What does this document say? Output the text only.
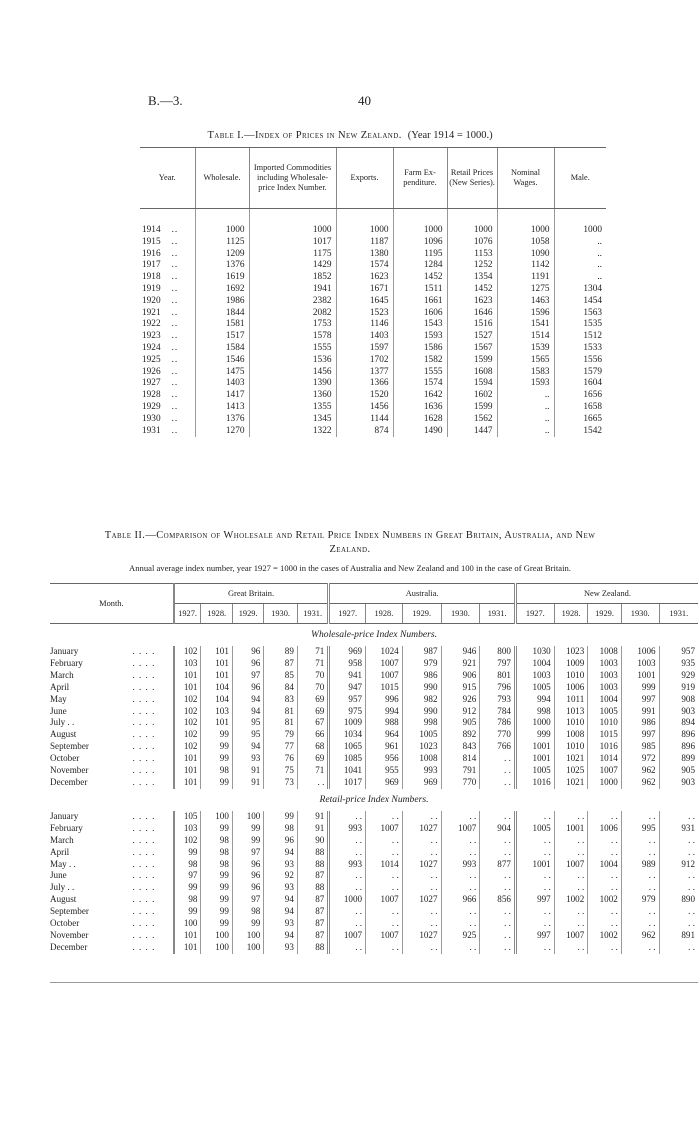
B.—3.	40
Table I.—Index of Prices in New Zealand. (Year 1914 = 1000.)
Year.	Wholesale.	Imported Commodities including Wholesale-price Index Number.	Exports.	Farm Ex- penditure.	Retail Prices (New Series).	Nominal Wages.	Male.
1914 ..	1000	1000	1000	1000	1000	1000	1000
1915 ..	1125	1017	1187	1096	1076	1058	..
1916 ..	1209	1175	1380	1195	1153	1090	..
1917 ..	1376	1429	1574	1284	1252	1142	..
1918 ..	1619	1852	1623	1452	1354	1191	..
1919 ..	1692	1941	1671	1511	1452	1275	1304
1920 ..	1986	2382	1645	1661	1623	1463	1454
1921 ..	1844	2082	1523	1606	1646	1596	1563
1922 ..	1581	1753	1146	1543	1516	1541	1535
1923 ..	1517	1578	1403	1593	1527	1514	1512
1924 ..	1584	1555	1597	1586	1567	1539	1533
1925 ..	1546	1536	1702	1582	1599	1565	1556
1926 ..	1475	1456	1377	1555	1608	1583	1579
1927 ..	1403	1390	1366	1574	1594	1593	1604
1928 ..	1417	1360	1520	1642	1602	..	1656
1929 ..	1413	1355	1456	1636	1599	..	1658
1930 ..	1376	1345	1144	1628	1562	..	1665
1931 ..	1270	1322	874	1490	1447	..	1542
Table II.—Comparison of Wholesale and Retail Price Index Numbers in Great Britain, Australia, and New
Zealand.
Annual average index number, year 1927 = 1000 in the cases of Australia and New Zealand and 100 in the case of Great Britain.
Month.		Great Britain.					Australia.					New Zealand.				
		1927.	1928.	1929.	1930.	1931.	1927.	1928.	1929.	1930.	1931.	1927.	1928.	1929.	1930.	1931.
Wholesale-price Index Numbers.																
January	. . . .	102	101	96	89	71	969	1024	987	946	800	1030	1023	1008	1006	957
February	. . . .	103	101	96	87	71	958	1007	979	921	797	1004	1009	1003	1003	935
March	. . . .	101	101	97	85	70	941	1007	986	906	801	1003	1010	1003	1001	929
April	. . . .	101	104	96	84	70	947	1015	990	915	796	1005	1006	1003	999	919
May	. . . .	102	104	94	83	69	957	996	982	926	793	994	1011	1004	997	908
June	. . . .	102	103	94	81	69	975	994	990	912	784	998	1013	1005	991	903
July . .	. . . .	102	101	95	81	67	1009	988	998	905	786	1000	1010	1010	986	894
August	. . . .	102	99	95	79	66	1034	964	1005	892	770	999	1008	1015	997	896
September	. . . .	102	99	94	77	68	1065	961	1023	843	766	1001	1010	1016	985	896
October	. . . .	101	99	93	76	69	1085	956	1008	814	. .	1001	1021	1014	972	899
November	. . . .	101	98	91	75	71	1041	955	993	791	. .	1005	1025	1007	962	905
December	. . . .	101	99	91	73	. .	1017	969	969	770	. .	1016	1021	1000	962	903
Retail-price Index Numbers.																
January	. . . .	105	100	100	99	91	. .	. .	. .	. .	. .	. .	. .	. .	. .	. .
February	. . . .	103	99	99	98	91	993	1007	1027	1007	904	1005	1001	1006	995	931
March	. . . .	102	98	99	96	90	. .	. .	. .	. .	. .	. .	. .	. .	. .	. .
April	. . . .	99	98	97	94	88	. .	. .	. .	. .	. .	. .	. .	. .	. .	. .
May . .	. . . .	98	98	96	93	88	993	1014	1027	993	877	1001	1007	1004	989	912
June	. . . .	97	99	96	92	87	. .	. .	. .	. .	. .	. .	. .	. .	. .	. .
July . .	. . . .	99	99	96	93	88	. .	. .	. .	. .	. .	. .	. .	. .	. .	. .
August	. . . .	98	99	97	94	87	1000	1007	1027	966	856	997	1002	1002	979	890
September	. . . .	99	99	98	94	87	. .	. .	. .	. .	. .	. .	. .	. .	. .	. .
October	. . . .	100	99	99	93	87	. .	. .	. .	. .	. .	. .	. .	. .	. .	. .
November	. . . .	101	100	100	94	87	1007	1007	1027	925	. .	997	1007	1002	962	891
December	. . . .	101	100	100	93	88	. .	. .	. .	. .	. .	. .	. .	. .	. .	. .
